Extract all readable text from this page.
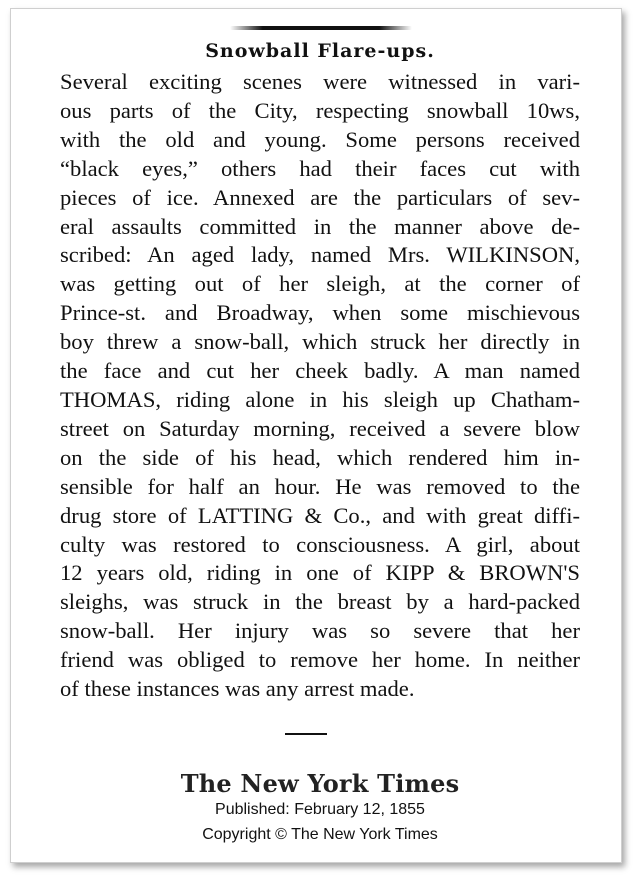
Snowball Flare-ups.
Several exciting scenes were witnessed in vari-
ous parts of the City, respecting snowball 10ws,
with the old and young. Some persons received
“black eyes,” others had their faces cut with
pieces of ice. Annexed are the particulars of sev-
eral assaults committed in the manner above de-
scribed: An aged lady, named Mrs. WILKINSON,
was getting out of her sleigh, at the corner of
Prince-st. and Broadway, when some mischievous
boy threw a snow-ball, which struck her directly in
the face and cut her cheek badly. A man named
THOMAS, riding alone in his sleigh up Chatham-
street on Saturday morning, received a severe blow
on the side of his head, which rendered him in-
sensible for half an hour. He was removed to the
drug store of LATTING & Co., and with great diffi-
culty was restored to consciousness. A girl, about
12 years old, riding in one of KIPP & BROWN'S
sleighs, was struck in the breast by a hard-packed
snow-ball. Her injury was so severe that her
friend was obliged to remove her home. In neither
of these instances was any arrest made.
The New York Times
Published: February 12, 1855
Copyright © The New York Times
